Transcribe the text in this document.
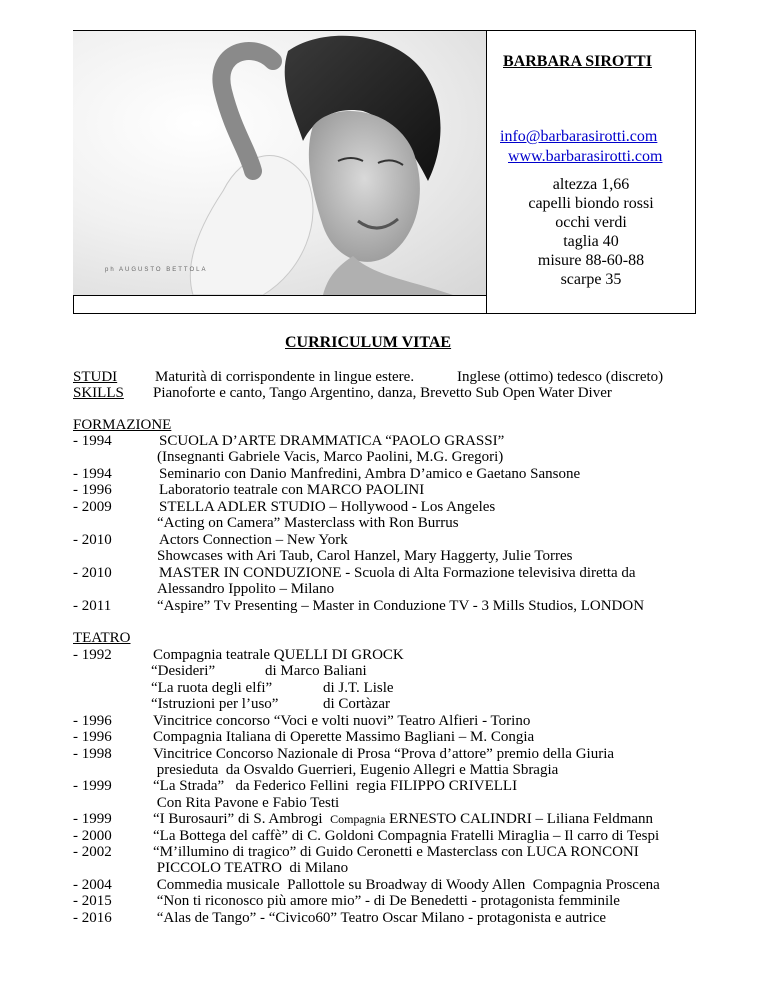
ph AUGUSTO BETTOLA
BARBARA SIROTTI
info@barbarasirotti.com
www.barbarasirotti.com
altezza 1,66
capelli biondo rossi
occhi verdi
taglia 40
misure 88-60-88
scarpe 35
CURRICULUM VITAE
STUDI	Maturità di corrispondente in lingue estere.	Inglese (ottimo) tedesco (discreto)
SKILLS Pianoforte e canto, Tango Argentino, danza, Brevetto Sub Open Water Diver
FORMAZIONE
- 1994	SCUOLA D’ARTE DRAMMATICA “PAOLO GRASSI”
(Insegnanti Gabriele Vacis, Marco Paolini, M.G. Gregori)
- 1994	Seminario con Danio Manfredini, Ambra D’amico e Gaetano Sansone
- 1996	Laboratorio teatrale con MARCO PAOLINI
- 2009	STELLA ADLER STUDIO – Hollywood - Los Angeles
“Acting on Camera” Masterclass with Ron Burrus
- 2010	Actors Connection – New York
Showcases with Ari Taub, Carol Hanzel, Mary Haggerty, Julie Torres
- 2010	MASTER IN CONDUZIONE - Scuola di Alta Formazione televisiva diretta da
Alessandro Ippolito – Milano
- 2011	“Aspire” Tv Presenting – Master in Conduzione TV - 3 Mills Studios, LONDON
TEATRO
- 1992	Compagnia teatrale QUELLI DI GROCK
“Desideri”	di Marco Baliani
“La ruota degli elfi”	di J.T. Lisle
“Istruzioni per l’uso”	di Cortàzar
- 1996	Vincitrice concorso “Voci e volti nuovi” Teatro Alfieri - Torino
- 1996	Compagnia Italiana di Operette Massimo Bagliani – M. Congia
- 1998	Vincitrice Concorso Nazionale di Prosa “Prova d’attore” premio della Giuria
presieduta  da Osvaldo Guerrieri, Eugenio Allegri e Mattia Sbragia
- 1999	“La Strada”   da Federico Fellini  regia FILIPPO CRIVELLI
Con Rita Pavone e Fabio Testi
- 1999	“I Burosauri” di S. Ambrogi  Compagnia ERNESTO CALINDRI – Liliana Feldmann
- 2000	“La Bottega del caffè” di C. Goldoni Compagnia Fratelli Miraglia – Il carro di Tespi
- 2002	“M’illumino di tragico” di Guido Ceronetti e Masterclass con LUCA RONCONI
PICCOLO TEATRO  di Milano
- 2004	Commedia musicale  Pallottole su Broadway di Woody Allen  Compagnia Proscena
- 2015	“Non ti riconosco più amore mio” - di De Benedetti - protagonista femminile
- 2016	“Alas de Tango” - “Civico60” Teatro Oscar Milano - protagonista e autrice
